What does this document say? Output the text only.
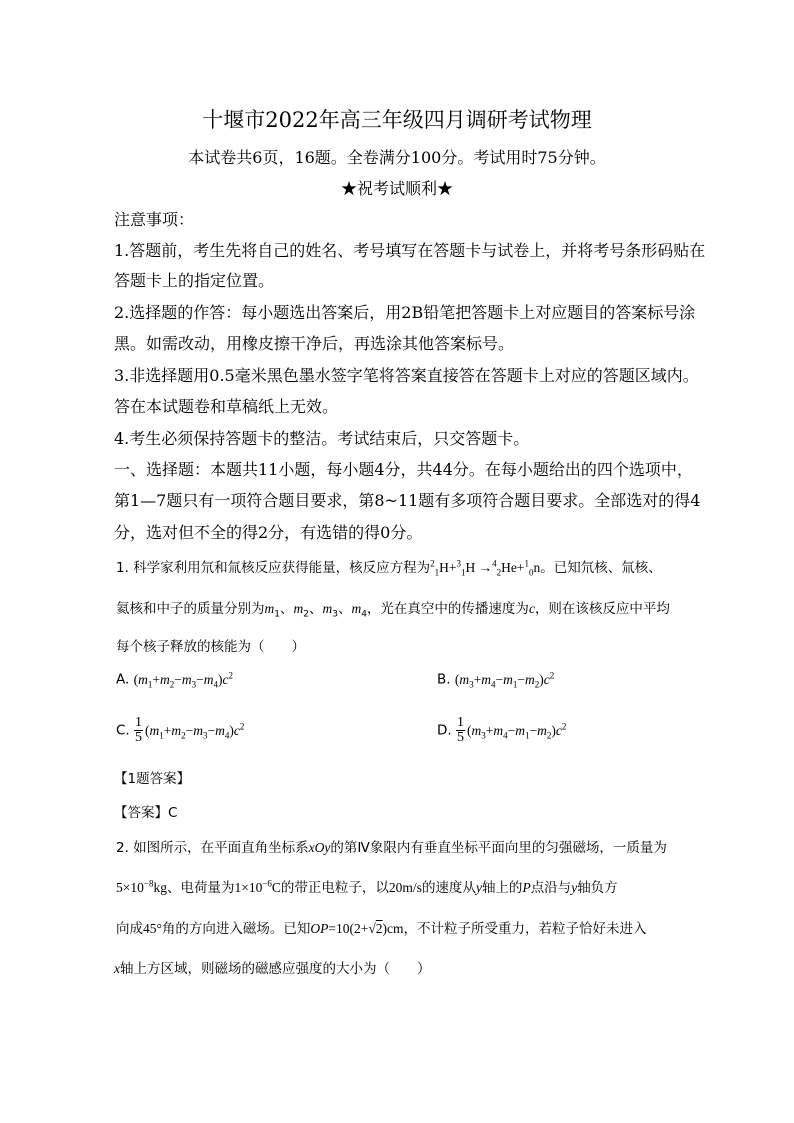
十堰市2022年高三年级四月调研考试物理
本试卷共6页，16题。全卷满分100分。考试用时75分钟。
★祝考试顺利★
注意事项：
1.答题前，考生先将自己的姓名、考号填写在答题卡与试卷上，并将考号条形码贴在
答题卡上的指定位置。
2.选择题的作答：每小题选出答案后，用2B铅笔把答题卡上对应题目的答案标号涂
黑。如需改动，用橡皮擦干净后，再选涂其他答案标号。
3.非选择题用0.5毫米黑色墨水签字笔将答案直接答在答题卡上对应的答题区域内。
答在本试题卷和草稿纸上无效。
4.考生必须保持答题卡的整洁。考试结束后，只交答题卡。
一、选择题：本题共11小题，每小题4分，共44分。在每小题给出的四个选项中，
第1—7题只有一项符合题目要求，第8~11题有多项符合题目要求。全部选对的得4
分，选对但不全的得2分，有选错的得0分。
1. 科学家利用氘和氚核反应获得能量，核反应方程为$^2_1$H+$^3_1$H →$^4_2$He+$^1_0$n。已知氘核、氚核、
氦核和中子的质量分别为$m_1$、$m_2$、$m_3$、$m_4$，光在真空中的传播速度为c，则在该核反应中平均
每个核子释放的核能为（　　）
A. $(m_1+m_2-m_3-m_4)c^2$	B. $(m_3+m_4-m_1-m_2)c^2$
C. $\frac{1}{5} (m_1+m_2-m_3-m_4)c^2$	D. $\frac{1}{5} (m_3+m_4-m_1-m_2)c^2$
【1题答案】
【答案】C
2. 如图所示，在平面直角坐标系xOy的第Ⅳ象限内有垂直坐标平面向里的匀强磁场，一质量为
$5\times 10^{-8}kg$、电荷量为$1\times 10^{-6}C$的带正电粒子，以20m/s的速度从y轴上的P点沿与y轴负方
向成45°角的方向进入磁场。已知OP=10(2+√2)cm，不计粒子所受重力，若粒子恰好未进入
x轴上方区域，则磁场的磁感应强度的大小为（　　）
